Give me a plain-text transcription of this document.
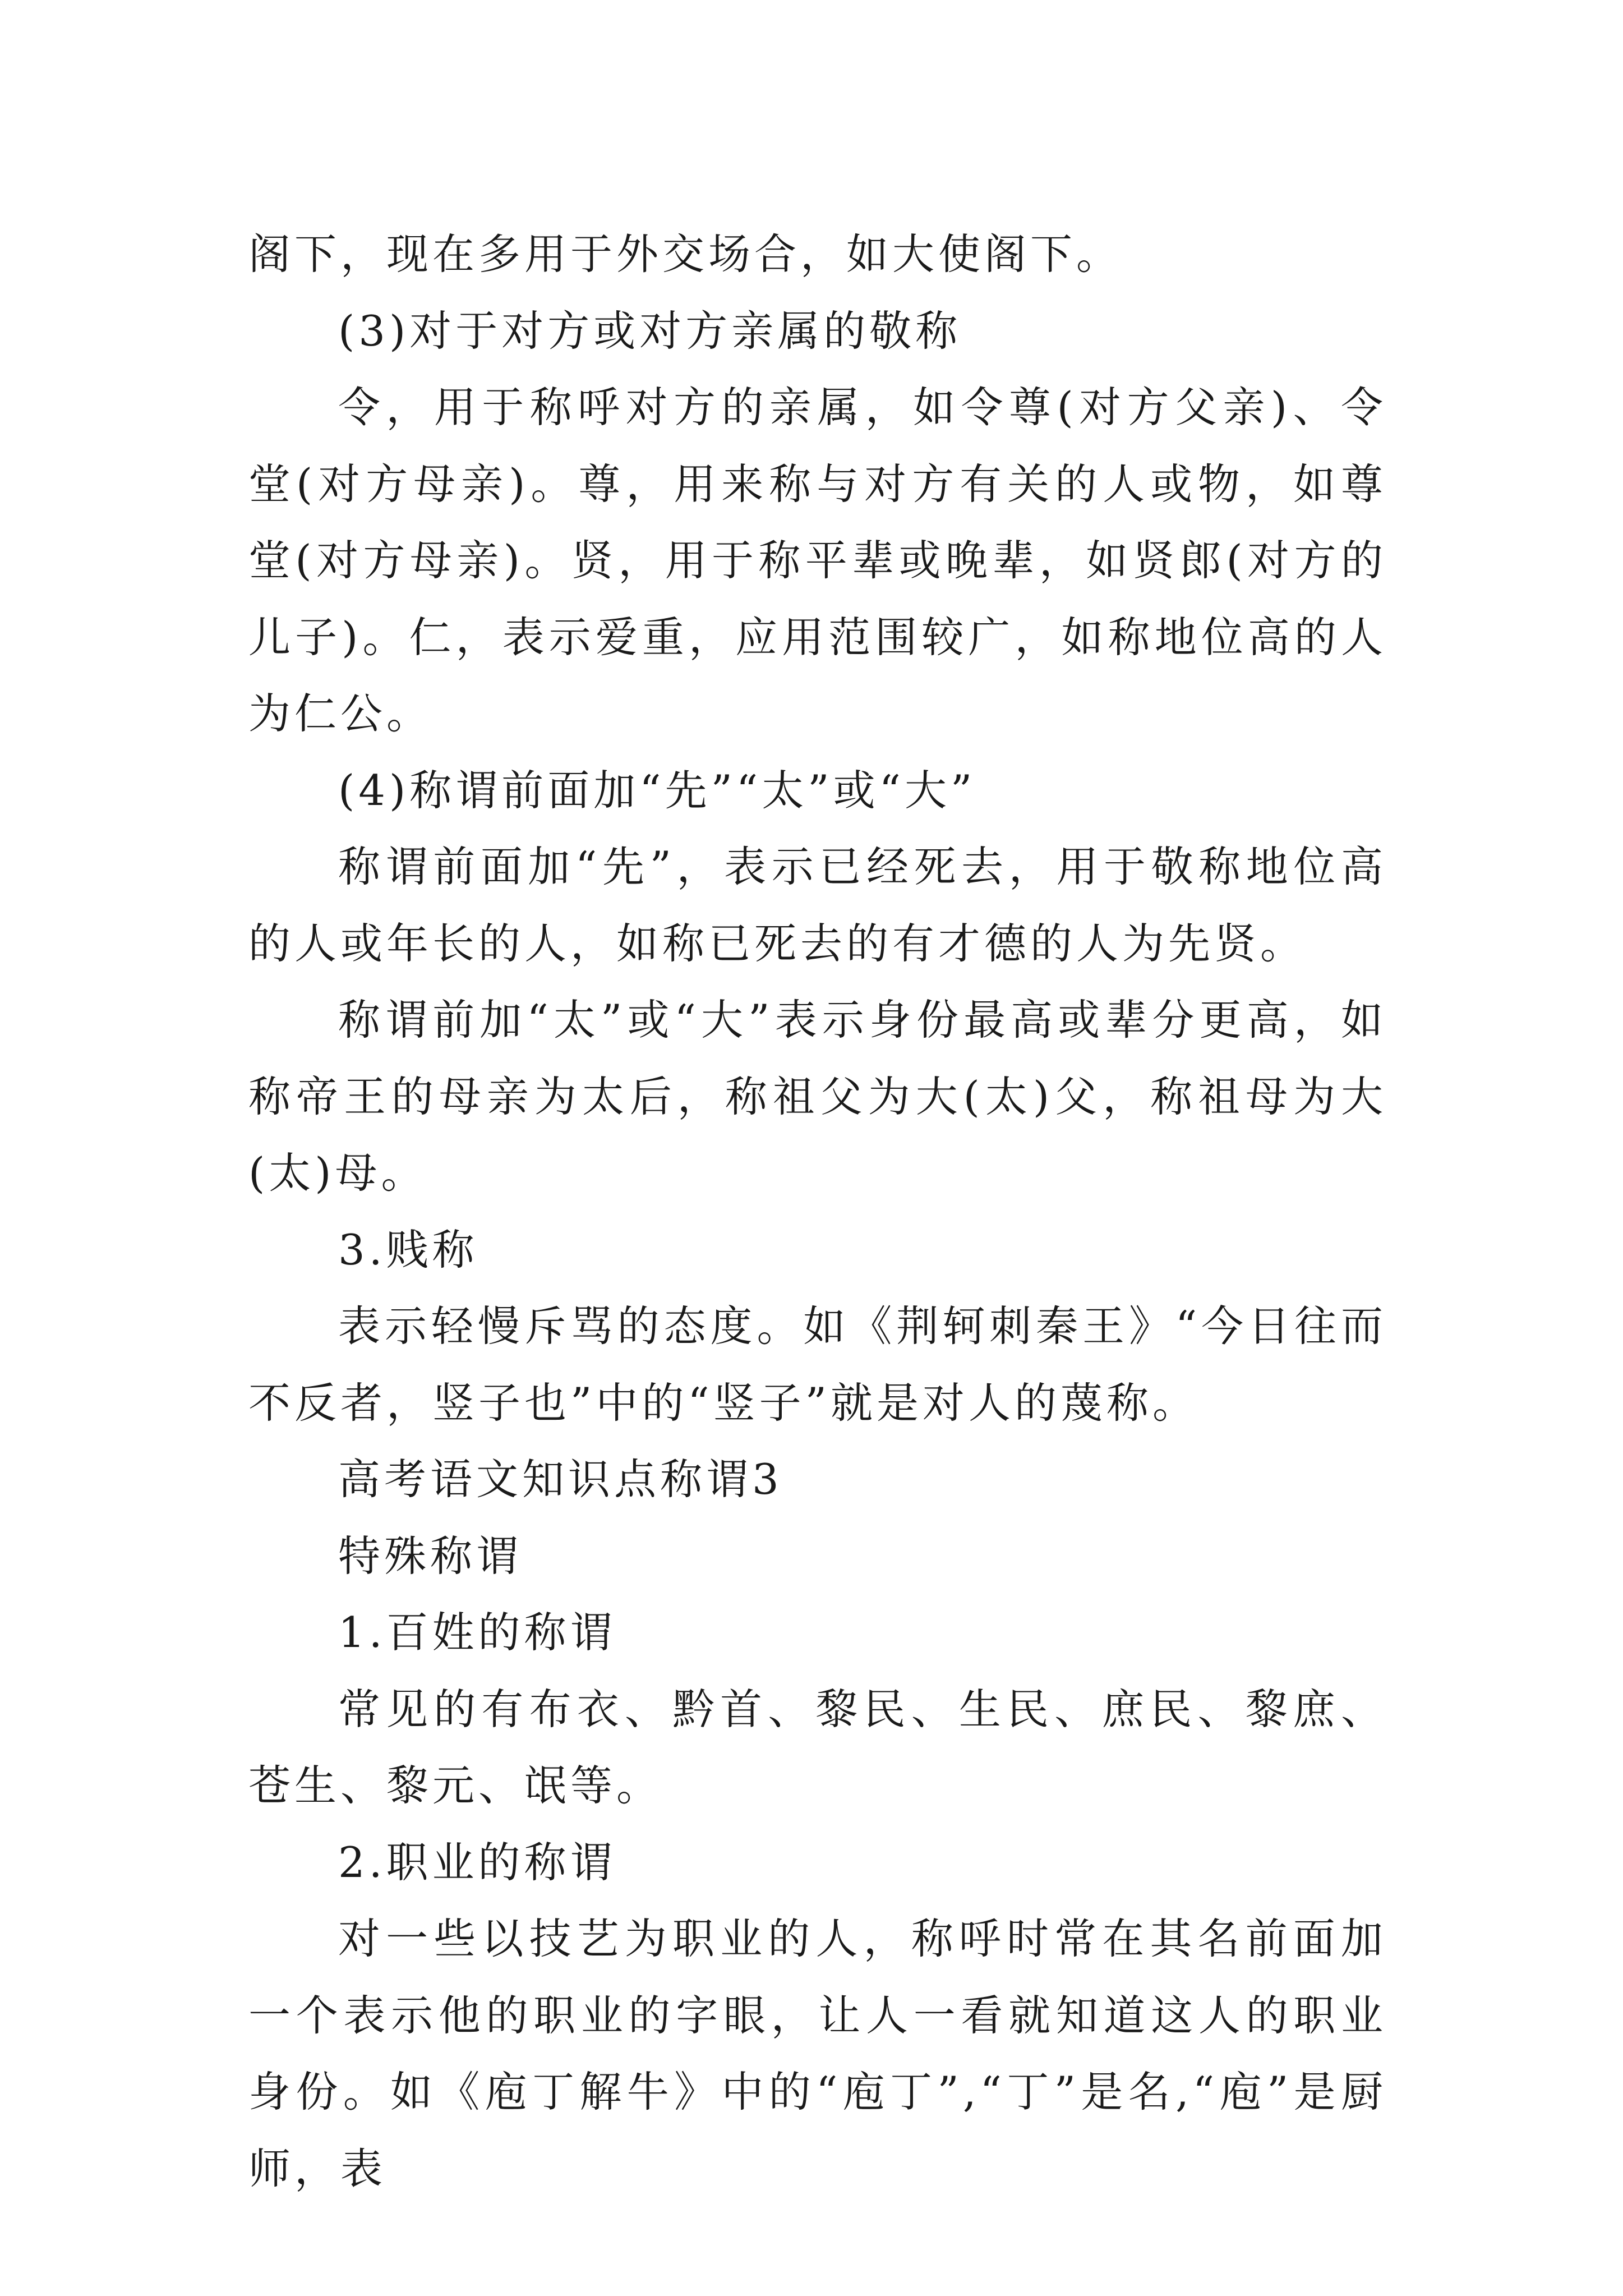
阁下，现在多用于外交场合，如大使阁下。

(3)对于对方或对方亲属的敬称

令，用于称呼对方的亲属，如令尊(对方父亲)、令堂(对方母亲)。尊，用来称与对方有关的人或物，如尊堂(对方母亲)。贤，用于称平辈或晚辈，如贤郎(对方的儿子)。仁，表示爱重，应用范围较广，如称地位高的人为仁公。

(4)称谓前面加“先”“太”或“大”

称谓前面加“先”，表示已经死去，用于敬称地位高的人或年长的人，如称已死去的有才德的人为先贤。

称谓前加“太”或“大”表示身份最高或辈分更高，如称帝王的母亲为太后，称祖父为大(太)父，称祖母为大(太)母。

3.贱称

表示轻慢斥骂的态度。如《荆轲刺秦王》“今日往而不反者，竖子也”中的“竖子”就是对人的蔑称。

高考语文知识点称谓3

特殊称谓

1.百姓的称谓

常见的有布衣、黔首、黎民、生民、庶民、黎庶、苍生、黎元、氓等。

2.职业的称谓

对一些以技艺为职业的人，称呼时常在其名前面加一个表示他的职业的字眼，让人一看就知道这人的职业身份。如《庖丁解牛》中的“庖丁”,“丁”是名,“庖”是厨师，表
